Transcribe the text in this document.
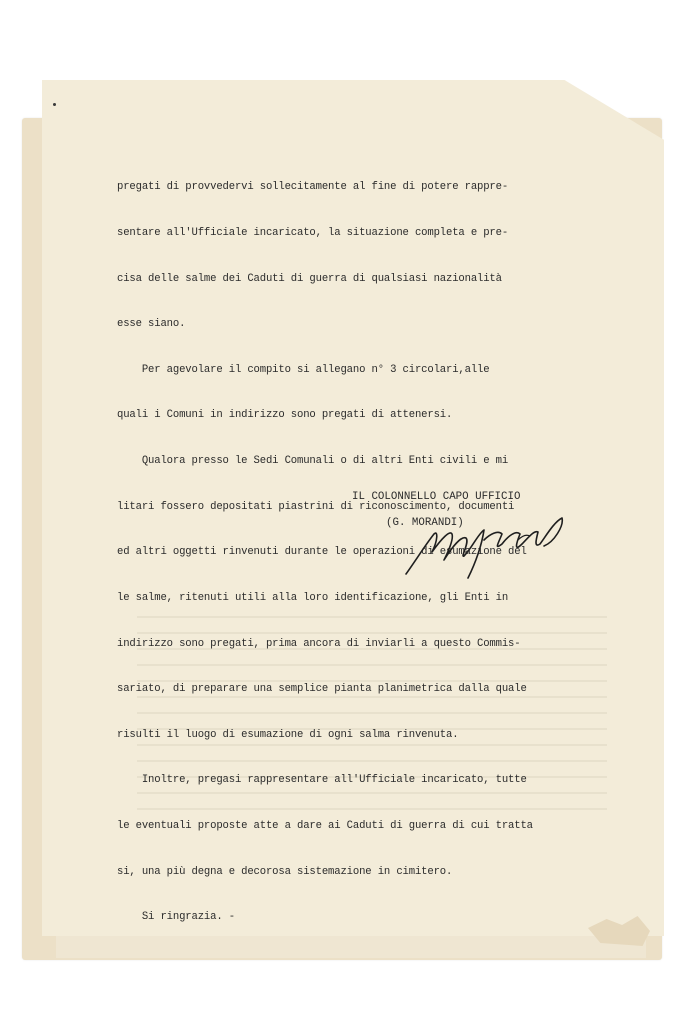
pregati di provvedervi sollecitamente al fine di potere rappre-

sentare all'Ufficiale incaricato, la situazione completa e pre-

cisa delle salme dei Caduti di guerra di qualsiasi nazionalità

esse siano.

Per agevolare il compito si allegano n° 3 circolari,alle

quali i Comuni in indirizzo sono pregati di attenersi.

Qualora presso le Sedi Comunali o di altri Enti civili e mi

litari fossero depositati piastrini di riconoscimento, documenti

ed altri oggetti rinvenuti durante le operazioni di esumazione del

le salme, ritenuti utili alla loro identificazione, gli Enti in

indirizzo sono pregati, prima ancora di inviarli a questo Commis-

sariato, di preparare una semplice pianta planimetrica dalla quale

risulti il luogo di esumazione di ogni salma rinvenuta.

Inoltre, pregasi rappresentare all'Ufficiale incaricato, tutte

le eventuali proposte atte a dare ai Caduti di guerra di cui tratta

si, una più degna e decorosa sistemazione in cimitero.

Si ringrazia. -

IL COLONNELLO CAPO UFFICIO
(G. MORANDI)
